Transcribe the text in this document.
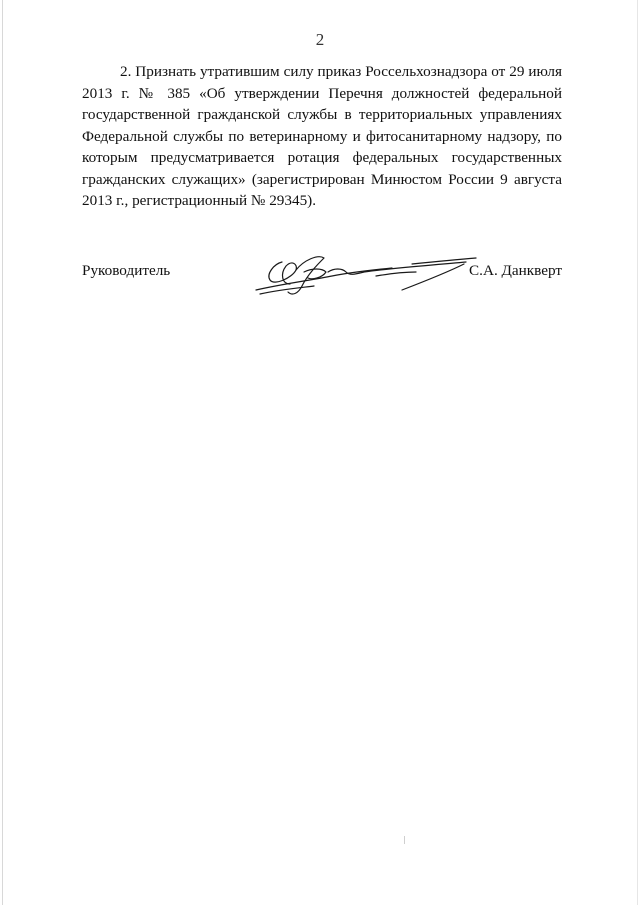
2

2. Признать утратившим силу приказ Россельхознадзора от 29 июля 2013 г. № 385 «Об утверждении Перечня должностей федеральной государственной гражданской службы в территориальных управлениях Федеральной службы по ветеринарному и фитосанитарному надзору, по которым предусматривается ротация федеральных государственных гражданских служащих» (зарегистрирован Минюстом России 9 августа 2013 г., регистрационный № 29345).

Руководитель	С.А. Данкверт
